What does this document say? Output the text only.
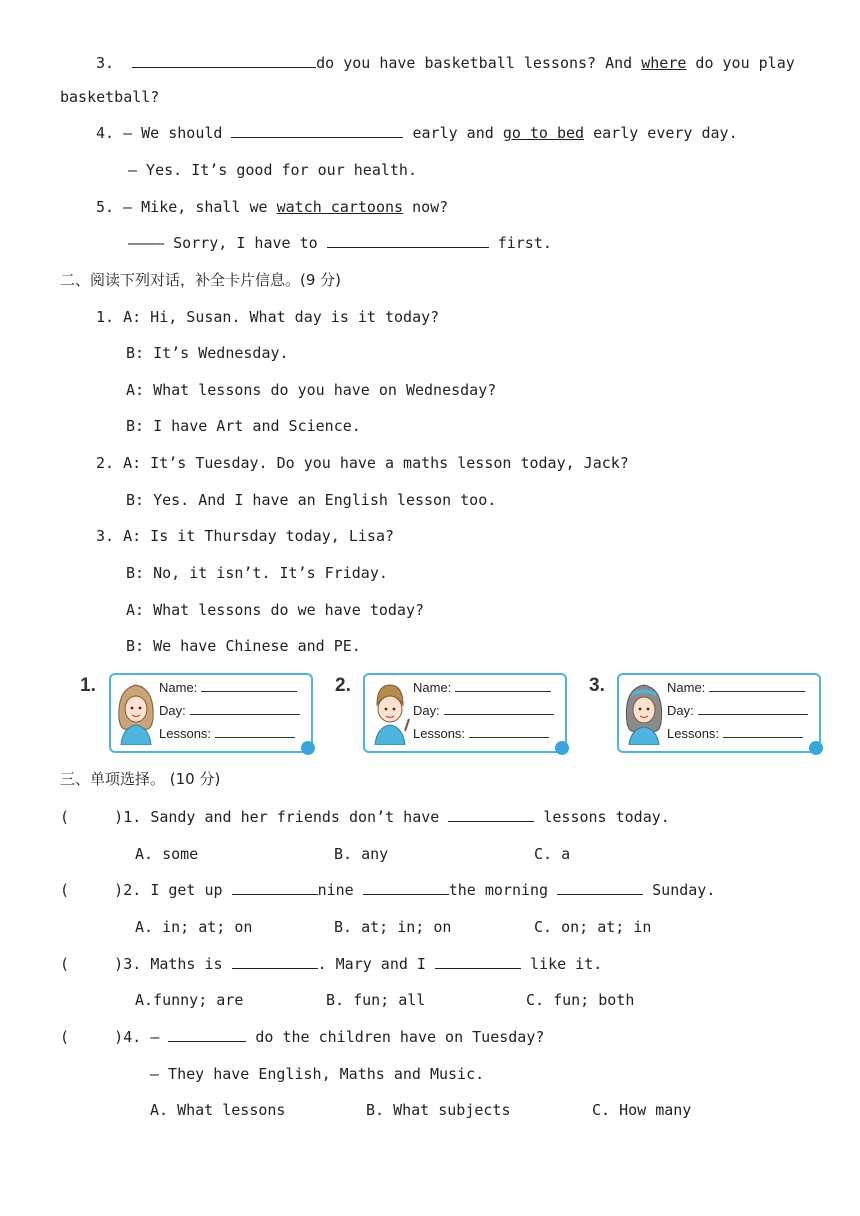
3.	do you have basketball lessons? And where do you play
basketball?
4. — We should	early and go to bed early every day.
— Yes. It’s good for our health.
5. — Mike, shall we watch cartoons now?
———— Sorry, I have to	first.
二、阅读下列对话，补全卡片信息。(9 分)
1. A: Hi, Susan. What day is it today?
B: It’s Wednesday.
A: What lessons do you have on Wednesday?
B: I have Art and Science.
2. A: It’s Tuesday. Do you have a maths lesson today, Jack?
B: Yes. And I have an English lesson too.
3. A: Is it Thursday today, Lisa?
B: No, it isn’t. It’s Friday.
A: What lessons do we have today?
B: We have Chinese and PE.
1.	Name:
Day:
Lessons:
2.	Name:
Day:
Lessons:
3.	Name:
Day:
Lessons:
三、单项选择。 (10 分)
(     )1. Sandy and her friends don’t have	lessons today.
A. some	B. any	C. a
(     )2. I get up	nine	the morning	Sunday.
A. in; at; on	B. at; in; on	C. on; at; in
(     )3. Maths is	. Mary and I	like it.
A.funny; are	B. fun; all	C. fun; both
(     )4. —	do the children have on Tuesday?
— They have English, Maths and Music.
A. What lessons	B. What subjects	C. How many
